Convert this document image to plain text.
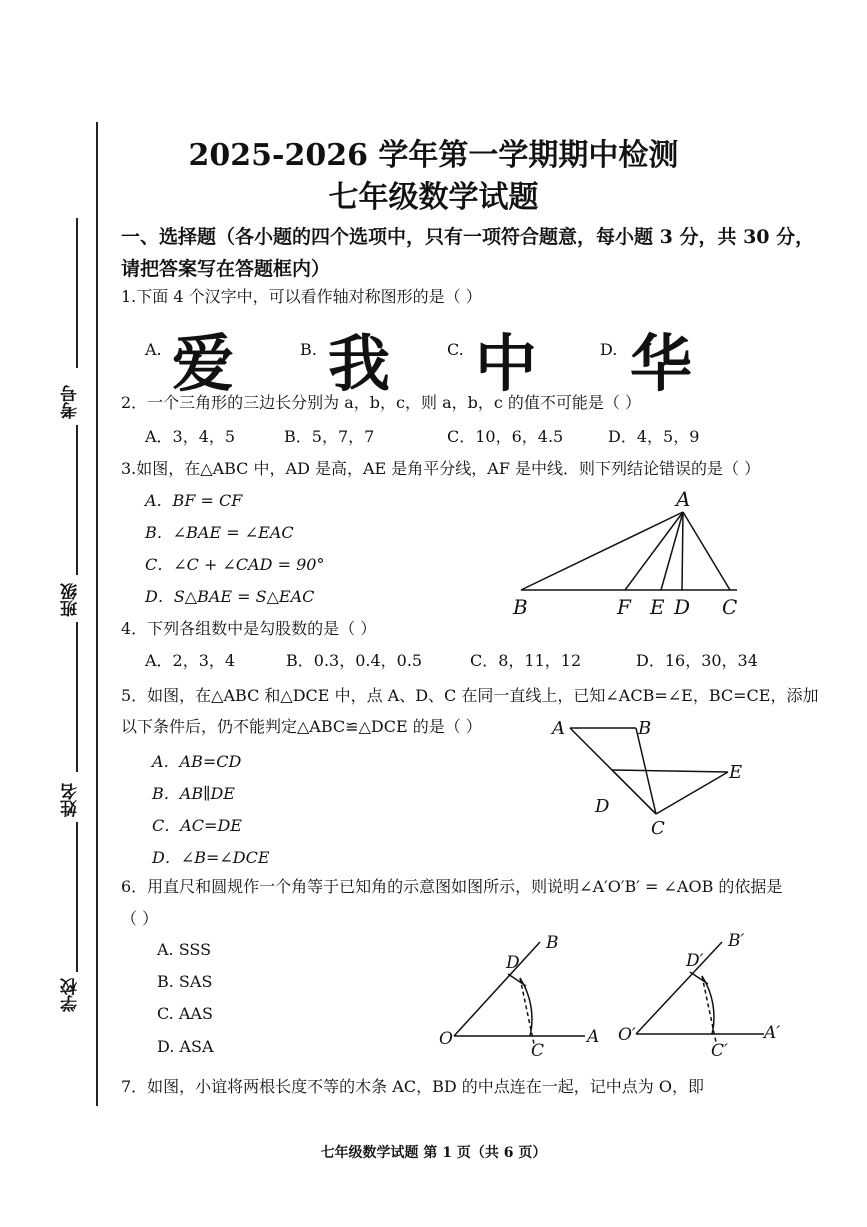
考号
班级
姓名
学校
2025-2026 学年第一学期期中检测
七年级数学试题
一、选择题（各小题的四个选项中，只有一项符合题意，每小题 3 分，共 30 分，请把答案写在答题框内）
1.下面 4 个汉字中，可以看作轴对称图形的是（ ）
A. 爱	B. 我	C. 中	D. 华
2．一个三角形的三边长分别为 a，b，c，则 a，b，c 的值不可能是（ ）
A．3，4，5	B．5，7，7	C．10，6，4.5	D．4，5，9
3.如图，在△ABC 中，AD 是高，AE 是角平分线，AF 是中线．则下列结论错误的是（ ）
A．BF = CF
B．∠BAE = ∠EAC
C．∠C + ∠CAD = 90°
D．S△BAE = S△EAC
A
B	F E D C
4．下列各组数中是勾股数的是（ ）
A．2，3，4	B．0.3，0.4，0.5	C．8，11，12	D．16，30，34
5．如图，在△ABC 和△DCE 中，点 A、D、C 在同一直线上，已知∠ACB=∠E，BC=CE，添加
以下条件后，仍不能判定△ABC≌△DCE 的是（ ）
A．AB=CD
B．AB∥DE
C．AC=DE
D．∠B=∠DCE
A	B
D
E
C
6．用直尺和圆规作一个角等于已知角的示意图如图所示，则说明∠A′O′B′ = ∠AOB 的依据是
（ ）
A. SSS
B. SAS
C. AAS
D. ASA	O	A
B
C
D
O′	A′
B′
C′
D′
7．如图，小谊将两根长度不等的木条 AC，BD 的中点连在一起，记中点为 O，即
七年级数学试题 第 1 页（共 6 页）
